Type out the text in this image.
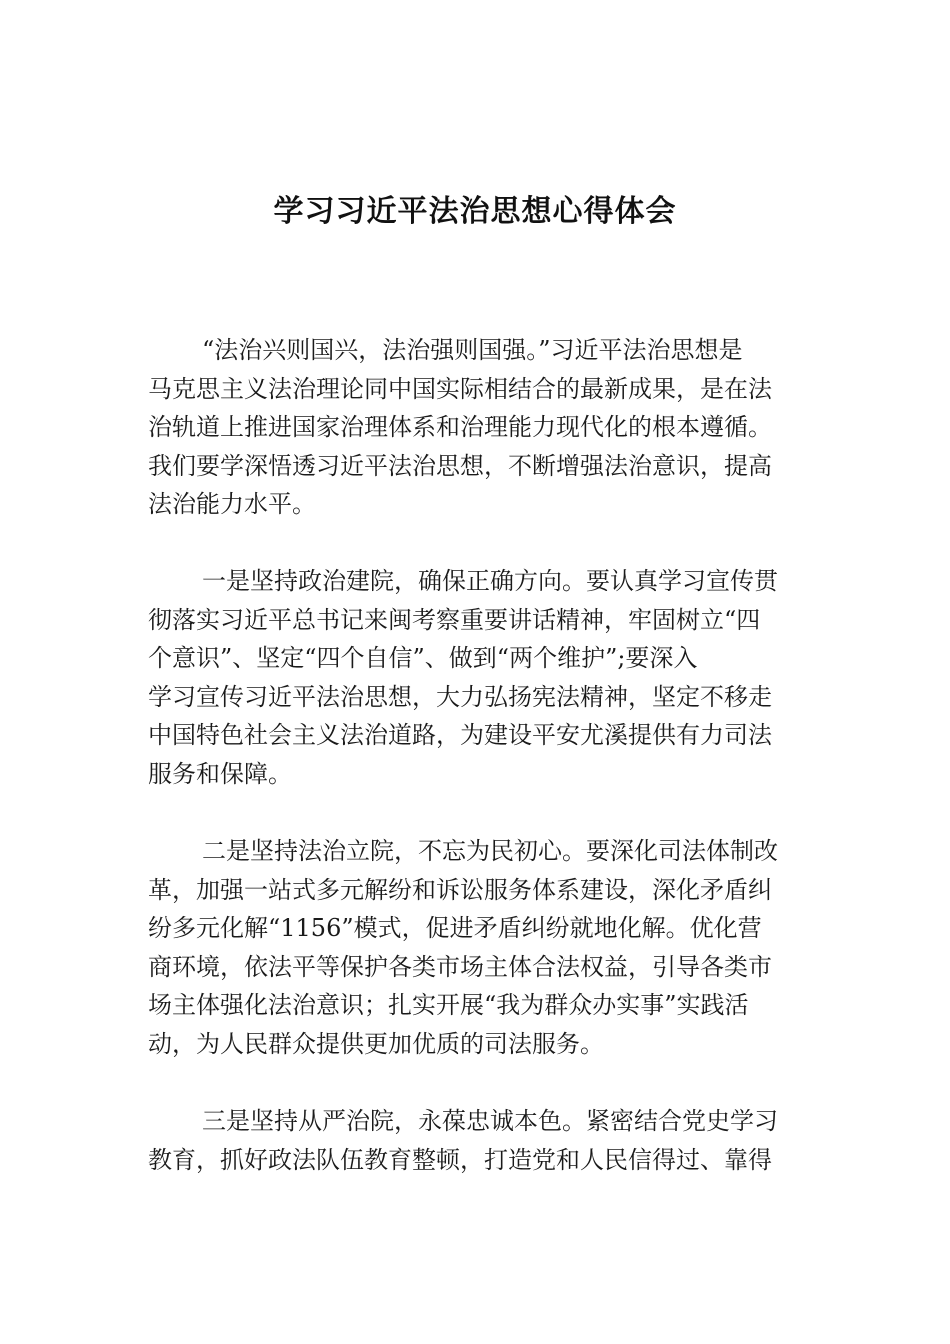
学习习近平法治思想心得体会
“法治兴则国兴，法治强则国强。”习近平法治思想是
马克思主义法治理论同中国实际相结合的最新成果，是在法
治轨道上推进国家治理体系和治理能力现代化的根本遵循。
我们要学深悟透习近平法治思想，不断增强法治意识，提高
法治能力水平。
一是坚持政治建院，确保正确方向。要认真学习宣传贯
彻落实习近平总书记来闽考察重要讲话精神，牢固树立“四
个意识”、坚定“四个自信”、做到“两个维护”;要深入
学习宣传习近平法治思想，大力弘扬宪法精神，坚定不移走
中国特色社会主义法治道路，为建设平安尤溪提供有力司法
服务和保障。
二是坚持法治立院，不忘为民初心。要深化司法体制改
革，加强一站式多元解纷和诉讼服务体系建设，深化矛盾纠
纷多元化解“1156”模式，促进矛盾纠纷就地化解。优化营
商环境，依法平等保护各类市场主体合法权益，引导各类市
场主体强化法治意识；扎实开展“我为群众办实事”实践活
动，为人民群众提供更加优质的司法服务。
三是坚持从严治院，永葆忠诚本色。紧密结合党史学习
教育，抓好政法队伍教育整顿，打造党和人民信得过、靠得
